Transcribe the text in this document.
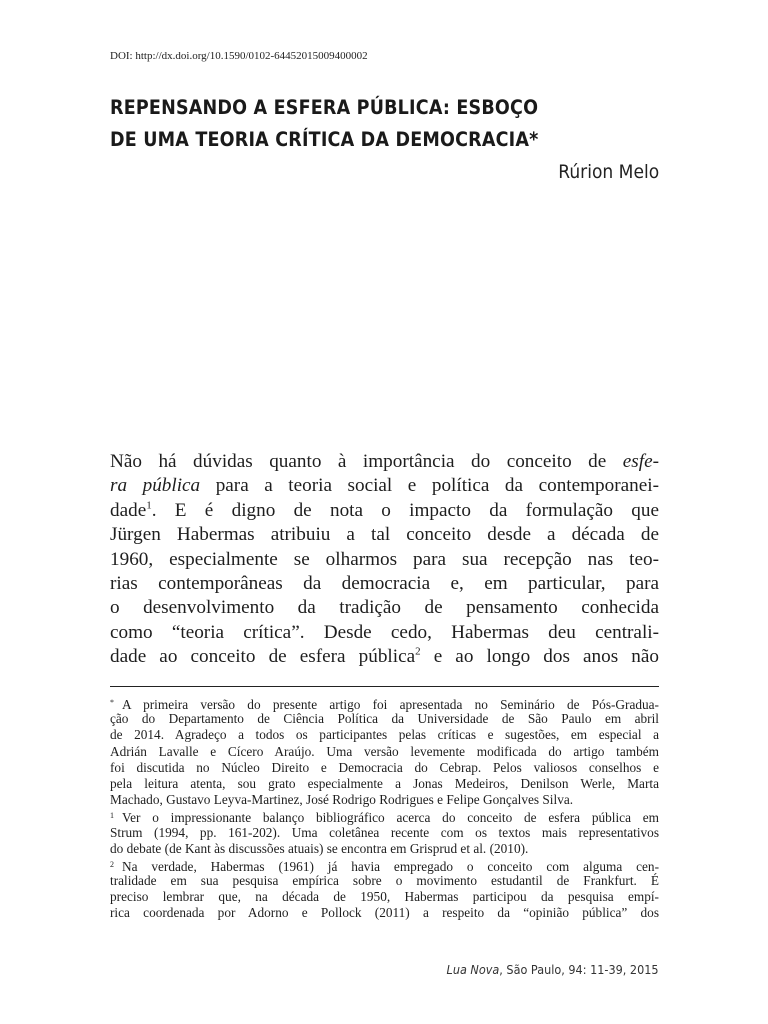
DOI: http://dx.doi.org/10.1590/0102-64452015009400002
REPENSANDO A ESFERA PÚBLICA: ESBOÇO
DE UMA TEORIA CRÍTICA DA DEMOCRACIA*
Rúrion Melo
Não há dúvidas quanto à importância do conceito de esfe-
ra pública para a teoria social e política da contemporanei-
dade$^1$. E é digno de nota o impacto da formulação que
Jürgen Habermas atribuiu a tal conceito desde a década de
1960, especialmente se olharmos para sua recepção nas teo-
rias contemporâneas da democracia e, em particular, para
o desenvolvimento da tradição de pensamento conhecida
como “teoria crítica”. Desde cedo, Habermas deu centrali-
dade ao conceito de esfera pública$^2$ e ao longo dos anos não
* A primeira versão do presente artigo foi apresentada no Seminário de Pós-Gradua-
ção do Departamento de Ciência Política da Universidade de São Paulo em abril
de 2014. Agradeço a todos os participantes pelas críticas e sugestões, em especial a
Adrián Lavalle e Cícero Araújo. Uma versão levemente modificada do artigo também
foi discutida no Núcleo Direito e Democracia do Cebrap. Pelos valiosos conselhos e
pela leitura atenta, sou grato especialmente a Jonas Medeiros, Denilson Werle, Marta
Machado, Gustavo Leyva-Martinez, José Rodrigo Rodrigues e Felipe Gonçalves Silva.
$^1$ Ver o impressionante balanço bibliográfico acerca do conceito de esfera pública em
Strum (1994, pp. 161-202). Uma coletânea recente com os textos mais representativos
do debate (de Kant às discussões atuais) se encontra em Grisprud et al. (2010).
$^2$ Na verdade, Habermas (1961) já havia empregado o conceito com alguma cen-
tralidade em sua pesquisa empírica sobre o movimento estudantil de Frankfurt. É
preciso lembrar que, na década de 1950, Habermas participou da pesquisa empí-
rica coordenada por Adorno e Pollock (2011) a respeito da “opinião pública” dos
Lua Nova, São Paulo, 94: 11-39, 2015
